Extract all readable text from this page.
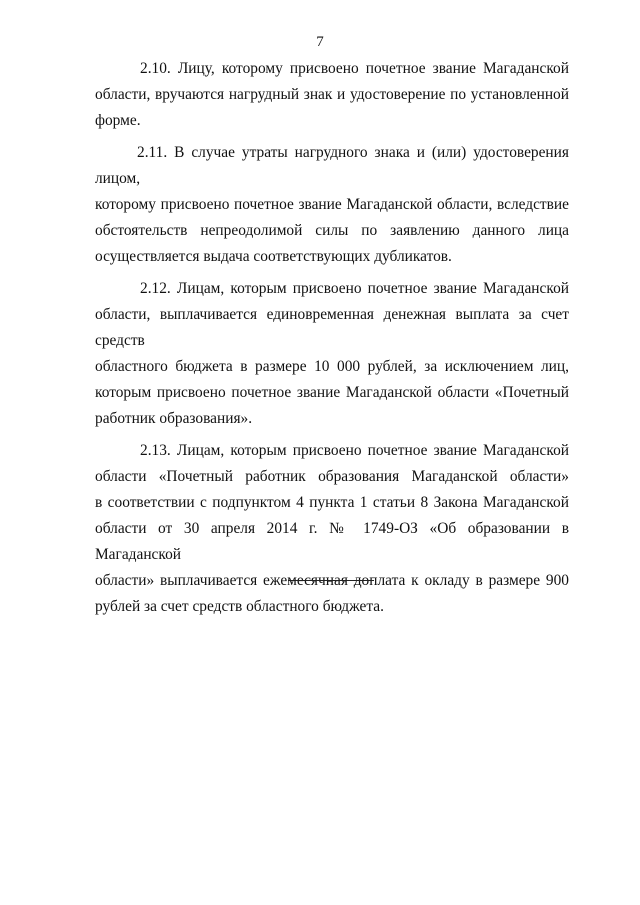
7

2.10. Лицу, которому присвоено почетное звание Магаданской
области, вручаются нагрудный знак и удостоверение по установленной
форме.

2.11. В случае утраты нагрудного знака и (или) удостоверения лицом,
которому присвоено почетное звание Магаданской области, вследствие
обстоятельств непреодолимой силы по заявлению данного лица
осуществляется выдача соответствующих дубликатов.

2.12. Лицам, которым присвоено почетное звание Магаданской
области, выплачивается единовременная денежная выплата за счет средств
областного бюджета в размере 10 000 рублей, за исключением лиц,
которым присвоено почетное звание Магаданской области «Почетный
работник образования».

2.13. Лицам, которым присвоено почетное звание Магаданской
области «Почетный работник образования Магаданской области»
в соответствии с подпунктом 4 пункта 1 статьи 8 Закона Магаданской
области от 30 апреля 2014 г. № 1749-ОЗ «Об образовании в Магаданской
области» выплачивается ежемесячная доплата к окладу в размере 900
рублей за счет средств областного бюджета.
